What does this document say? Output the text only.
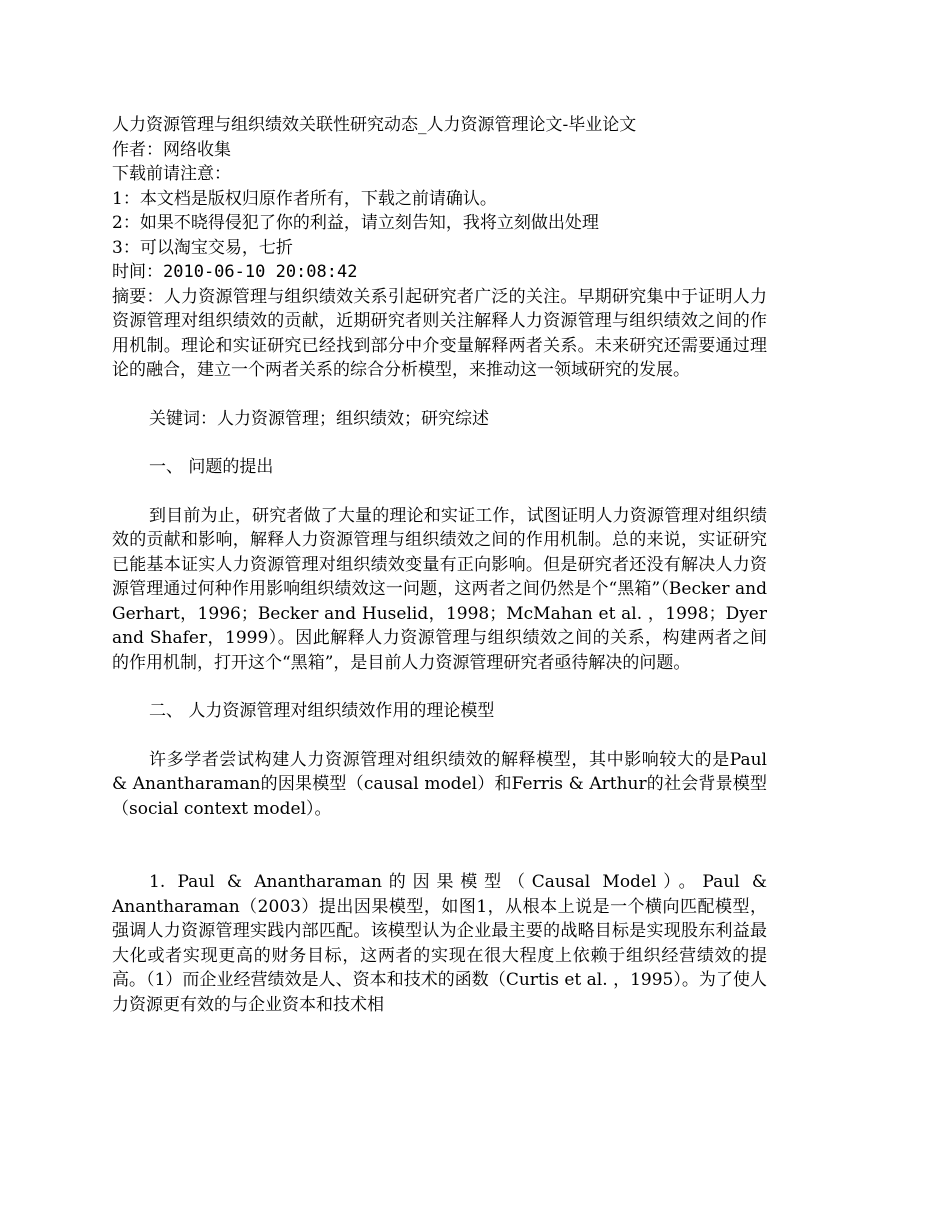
人力资源管理与组织绩效关联性研究动态_人力资源管理论文-毕业论文

作者：网络收集

下载前请注意：

1：本文档是版权归原作者所有，下载之前请确认。

2：如果不晓得侵犯了你的利益，请立刻告知，我将立刻做出处理

3：可以淘宝交易，七折

时间：2010-06-10 20:08:42

摘要：人力资源管理与组织绩效关系引起研究者广泛的关注。早期研究集中于证明人力资源管理对组织绩效的贡献，近期研究者则关注解释人力资源管理与组织绩效之间的作用机制。理论和实证研究已经找到部分中介变量解释两者关系。未来研究还需要通过理论的融合，建立一个两者关系的综合分析模型，来推动这一领域研究的发展。

关键词：人力资源管理；组织绩效；研究综述

一、 问题的提出

到目前为止，研究者做了大量的理论和实证工作，试图证明人力资源管理对组织绩效的贡献和影响，解释人力资源管理与组织绩效之间的作用机制。总的来说，实证研究已能基本证实人力资源管理对组织绩效变量有正向影响。但是研究者还没有解决人力资源管理通过何种作用影响组织绩效这一问题，这两者之间仍然是个“黑箱”（Becker and Gerhart，1996；Becker and Huselid，1998；McMahan et al. ，1998；Dyer and Shafer，1999）。因此解释人力资源管理与组织绩效之间的关系，构建两者之间的作用机制，打开这个“黑箱”，是目前人力资源管理研究者亟待解决的问题。

二、 人力资源管理对组织绩效作用的理论模型

许多学者尝试构建人力资源管理对组织绩效的解释模型，其中影响较大的是Paul & Anantharaman的因果模型（causal model）和Ferris & Arthur的社会背景模型（social context model）。

1. Paul & Anantharaman的因果模型（Causal Model）。Paul & Anantharaman（2003）提出因果模型，如图1，从根本上说是一个横向匹配模型，强调人力资源管理实践内部匹配。该模型认为企业最主要的战略目标是实现股东利益最大化或者实现更高的财务目标，这两者的实现在很大程度上依赖于组织经营绩效的提高。（1）而企业经营绩效是人、资本和技术的函数（Curtis et al. ，1995）。为了使人力资源更有效的与企业资本和技术相
